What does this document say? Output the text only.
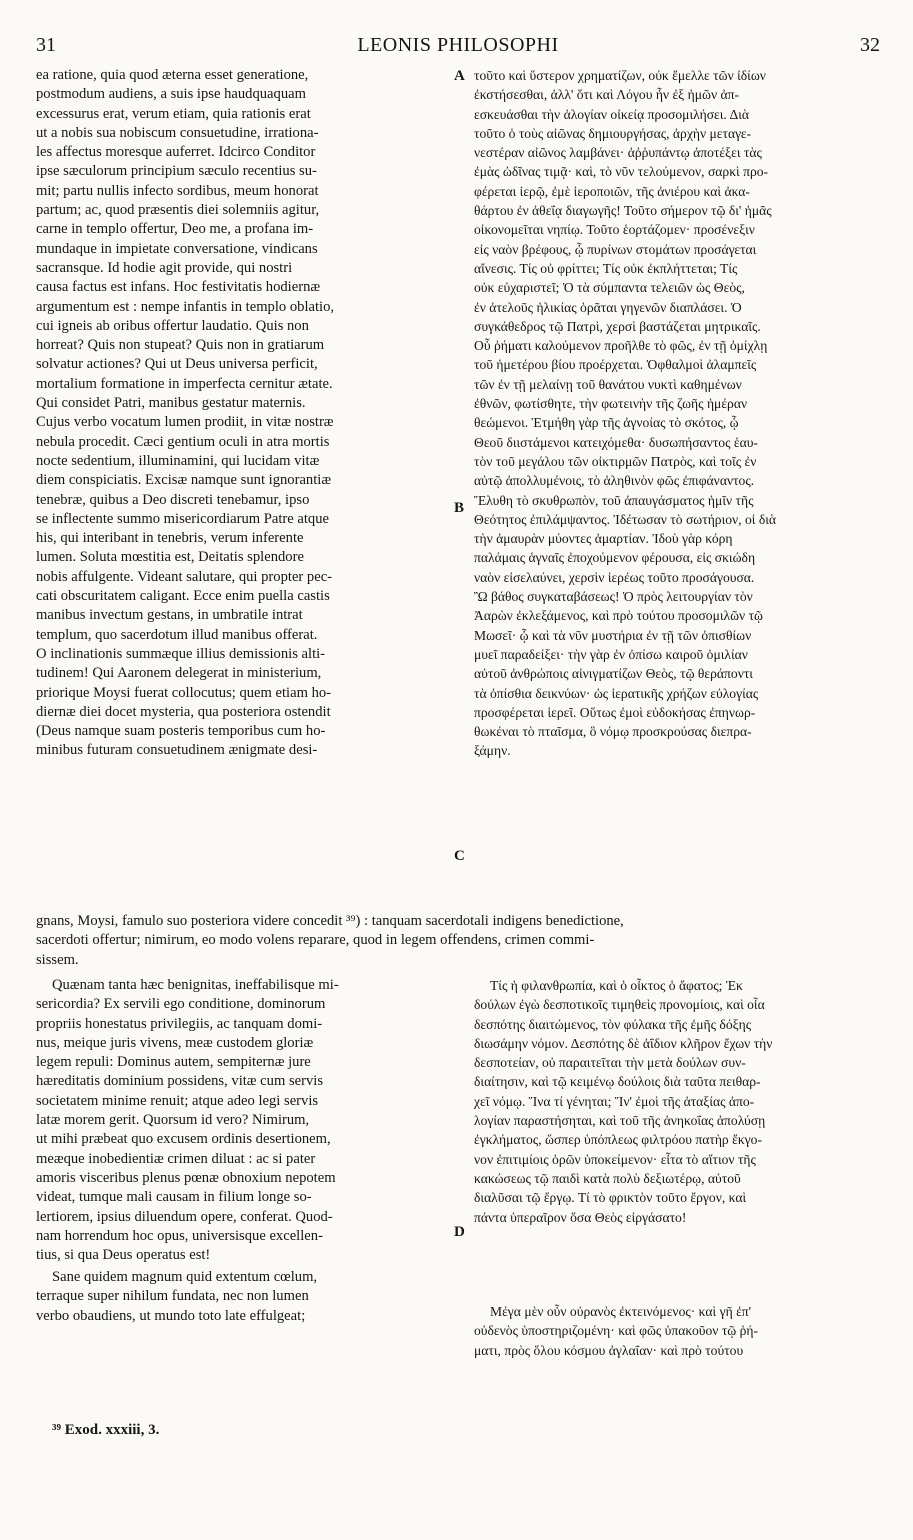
31	LEONIS PHILOSOPHI	32
ea ratione, quia quod æterna esset generatione,
postmodum audiens, a suis ipse haudquaquam
excessurus erat, verum etiam, quia rationis erat
ut a nobis sua nobiscum consuetudine, irrationa-
les affectus moresque auferret. Idcirco Conditor
ipse sæculorum principium sæculo recentius su-
mit; partu nullis infecto sordibus, meum honorat
partum; ac, quod præsentis diei solemniis agitur,
carne in templo offertur, Deo me, a profana im-
mundaque in impietate conversatione, vindicans
sacransque. Id hodie agit provide, qui nostri
causa factus est infans. Hoc festivitatis hodiernæ
argumentum est : nempe infantis in templo oblatio,
cui igneis ab oribus offertur laudatio. Quis non
horreat? Quis non stupeat? Quis non in gratiarum
solvatur actiones? Qui ut Deus universa perficit,
mortalium formatione in imperfecta cernitur ætate.
Qui considet Patri, manibus gestatur maternis.
Cujus verbo vocatum lumen prodiit, in vitæ nostræ
nebula procedit. Cæci gentium oculi in atra mortis
nocte sedentium, illuminamini, qui lucidam vitæ
diem conspiciatis. Excisæ namque sunt ignorantiæ
tenebræ, quibus a Deo discreti tenebamur, ipso
se inflectente summo misericordiarum Patre atque
his, qui interibant in tenebris, verum inferente
lumen. Soluta mœstitia est, Deitatis splendore
nobis affulgente. Videant salutare, qui propter pec-
cati obscuritatem caligant. Ecce enim puella castis
manibus invectum gestans, in umbratile intrat
templum, quo sacerdotum illud manibus offerat.
O inclinationis summæque illius demissionis alti-
tudinem! Qui Aaronem delegerat in ministerium,
priorique Moysi fuerat collocutus; quem etiam ho-
diernæ diei docet mysteria, qua posteriora ostendit
(Deus namque suam posteris temporibus cum ho-
minibus futuram consuetudinem ænigmate desi-
τοῦτο καὶ ὕστερον χρηματίζων, οὐκ ἔμελλε τῶν ἰδίων
ἐκστήσεσθαι, ἀλλ' ὅτι καὶ Λόγου ἦν ἐξ ἡμῶν ἀπ-
εσκευάσθαι τὴν ἀλογίαν οἰκείᾳ προσομιλήσει. Διὰ
τοῦτο ὁ τοὺς αἰῶνας δημιουργήσας, ἀρχὴν μεταγε-
νεστέραν αἰῶνος λαμβάνει· ἀῤῥυπάντῳ ἀποτέξει τὰς
ἐμὰς ὠδῖνας τιμᾷ· καὶ, τὸ νῦν τελούμενον, σαρκὶ προ-
φέρεται ἱερῷ, ἐμὲ ἱεροποιῶν, τῆς ἀνιέρου καὶ ἀκα-
θάρτου ἐν ἀθεΐᾳ διαγωγῆς! Τοῦτο σήμερον τῷ δι' ἡμᾶς
οἰκονομεῖται νηπίῳ. Τοῦτο ἑορτάζομεν· προσένεξιν
εἰς ναὸν βρέφους, ᾧ πυρίνων στομάτων προσάγεται
αἴνεσις. Τίς οὐ φρίττει; Τίς οὐκ ἐκπλήττεται; Τίς
οὐκ εὐχαριστεῖ; Ὁ τὰ σύμπαντα τελειῶν ὡς Θεὸς,
ἐν ἀτελοῦς ἡλικίας ὁρᾶται γηγενῶν διαπλάσει. Ὁ
συγκάθεδρος τῷ Πατρὶ, χερσὶ βαστάζεται μητρικαῖς.
Οὗ ῥήματι καλούμενον προῆλθε τὸ φῶς, ἐν τῇ ὀμίχλῃ
τοῦ ἡμετέρου βίου προέρχεται. Ὀφθαλμοὶ ἀλαμπεῖς
τῶν ἐν τῇ μελαίνῃ τοῦ θανάτου νυκτὶ καθημένων
ἐθνῶν, φωτίσθητε, τὴν φωτεινὴν τῆς ζωῆς ἡμέραν
θεώμενοι. Ἐτμήθη γὰρ τῆς ἀγνοίας τὸ σκότος, ᾧ
Θεοῦ διιστάμενοι κατειχόμεθα· δυσωπήσαντος ἑαυ-
τὸν τοῦ μεγάλου τῶν οἰκτιρμῶν Πατρὸς, καὶ τοῖς ἐν
αὐτῷ ἀπολλυμένοις, τὸ ἀληθινὸν φῶς ἐπιφάναντος.
Ἔλυθη τὸ σκυθρωπὸν, τοῦ ἀπαυγάσματος ἡμῖν τῆς
Θεότητος ἐπιλάμψαντος. Ἰδέτωσαν τὸ σωτήριον, οἱ διὰ
τὴν ἀμαυρὰν μύοντες ἁμαρτίαν. Ἰδοὺ γὰρ κόρη
παλάμαις ἁγναῖς ἐποχούμενον φέρουσα, εἰς σκιώδη
ναὸν εἰσελαύνει, χερσὶν ἱερέως τοῦτο προσάγουσα.
Ὢ βάθος συγκαταβάσεως! Ὁ πρὸς λειτουργίαν τὸν
Ἀαρὼν ἐκλεξάμενος, καὶ πρὸ τούτου προσομιλῶν τῷ
Μωσεῖ· ᾧ καὶ τὰ νῦν μυστήρια ἐν τῇ τῶν ὀπισθίων
μυεῖ παραδείξει· τὴν γὰρ ἐν ὀπίσω καιροῦ ὁμιλίαν
αὐτοῦ ἀνθρώποις αἰνιγματίζων Θεὸς, τῷ θεράποντι
τὰ ὀπίσθια δεικνύων· ὡς ἱερατικῆς χρήζων εὐλογίας
προσφέρεται ἱερεῖ. Οὕτως ἐμοὶ εὐδοκήσας ἐπηνωρ-
θωκέναι τὸ πταῖσμα, ὃ νόμῳ προσκρούσας διεπρα-
ξάμην.
A
B
C
D
gnans, Moysi, famulo suo posteriora videre concedit ³⁹) : tanquam sacerdotali indigens benedictione,
sacerdoti offertur; nimirum, eo modo volens reparare, quod in legem offendens, crimen commi-
sissem.
Quænam tanta hæc benignitas, ineffabilisque mi-
sericordia? Ex servili ego conditione, dominorum
propriis honestatus privilegiis, ac tanquam domi-
nus, meique juris vivens, meæ custodem gloriæ
legem repuli: Dominus autem, sempiternæ jure
hæreditatis dominium possidens, vitæ cum servis
societatem minime renuit; atque adeo legi servis
latæ morem gerit. Quorsum id vero? Nimirum,
ut mihi præbeat quo excusem ordinis desertionem,
meæque inobedientiæ crimen diluat : ac si pater
amoris visceribus plenus pœnæ obnoxium nepotem
videat, tumque mali causam in filium longe so-
lertiorem, ipsius diluendum opere, conferat. Quod-
nam horrendum hoc opus, universisque excellen-
tius, si qua Deus operatus est!
Τίς ἡ φιλανθρωπία, καὶ ὁ οἶκτος ὁ ἄφατος; Ἐκ
δούλων ἐγὼ δεσποτικοῖς τιμηθεὶς προνομίοις, καὶ οἷα
δεσπότης διαιτώμενος, τὸν φύλακα τῆς ἐμῆς δόξης
διωσάμην νόμον. Δεσπότης δὲ ἀΐδιον κλῆρον ἔχων τὴν
δεσποτείαν, οὐ παραιτεῖται τὴν μετὰ δούλων συν-
διαίτησιν, καὶ τῷ κειμένῳ δούλοις διὰ ταῦτα πειθαρ-
χεῖ νόμῳ. Ἵνα τί γένηται; Ἵν' ἐμοὶ τῆς ἀταξίας ἀπο-
λογίαν παραστήσηται, καὶ τοῦ τῆς ἀνηκοΐας ἀπολύσῃ
ἐγκλήματος, ὥσπερ ὑπόπλεως φιλτρόου πατὴρ ἔκγο-
νον ἐπιτιμίοις ὁρῶν ὑποκείμενον· εἶτα τὸ αἴτιον τῆς
κακώσεως τῷ παιδὶ κατὰ πολὺ δεξιωτέρῳ, αὐτοῦ
διαλῦσαι τῷ ἔργῳ. Τί τὸ φρικτὸν τοῦτο ἔργον, καὶ
πάντα ὑπεραῖρον ὅσα Θεὸς εἰργάσατο!
Sane quidem magnum quid extentum cœlum,
terraque super nihilum fundata, nec non lumen
verbo obaudiens, ut mundo toto late effulgeat;	Μέγα μὲν οὖν οὐρανὸς ἐκτεινόμενος· καὶ γῆ ἐπ'
οὐδενὸς ὑποστηριζομένη· καὶ φῶς ὑπακοῦον τῷ ῥή-
ματι, πρὸς ὅλου κόσμου ἀγλαΐαν· καὶ πρὸ τούτου
³⁹ Exod. xxxiii, 3.
